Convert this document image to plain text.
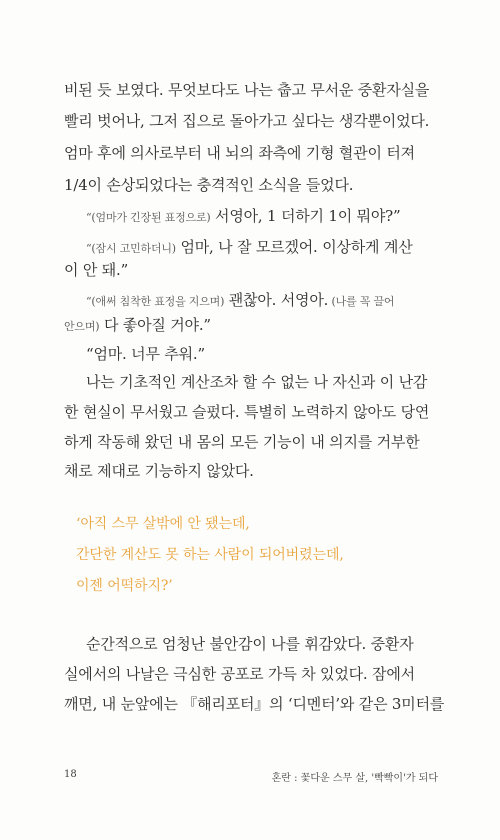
비된 듯 보였다. 무엇보다도 나는 춥고 무서운 중환자실을
빨리 벗어나, 그저 집으로 돌아가고 싶다는 생각뿐이었다.
엄마 후에 의사로부터 내 뇌의 좌측에 기형 혈관이 터져
1/4이 손상되었다는 충격적인 소식을 들었다.
“(엄마가 긴장된 표정으로) 서영아, 1 더하기 1이 뭐야?”
“(잠시 고민하더니) 엄마, 나 잘 모르겠어. 이상하게 계산
이 안 돼.”
“(애써 침착한 표정을 지으며) 괜찮아. 서영아. (나를 꼭 끌어
안으며) 다 좋아질 거야.”
“엄마. 너무 추워.”
나는 기초적인 계산조차 할 수 없는 나 자신과 이 난감
한 현실이 무서웠고 슬펐다. 특별히 노력하지 않아도 당연
하게 작동해 왔던 내 몸의 모든 기능이 내 의지를 거부한
채로 제대로 기능하지 않았다.
‘아직 스무 살밖에 안 됐는데,
간단한 계산도 못 하는 사람이 되어버렸는데,
이젠 어떡하지?’
순간적으로 엄청난 불안감이 나를 휘감았다. 중환자
실에서의 나날은 극심한 공포로 가득 차 있었다. 잠에서
깨면, 내 눈앞에는 『해리포터』의 ‘디멘터’와 같은 3미터를
18	혼란 : 꽃다운 스무 살, '빡빡이'가 되다
